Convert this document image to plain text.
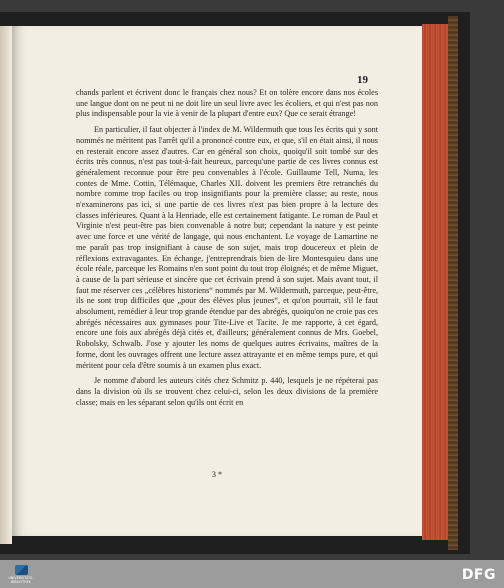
19

chands parlent et écrivent donc le français chez nous? Et on tolère encore dans nos écoles une langue dont on ne peut ni ne doit lire un seul livre avec les écoliers, et qui n'est pas non plus indispensable pour la vie à venir de la plupart d'entre eux? Que ce serait étrange!

En particulier, il faut objecter à l'index de M. Wildermuth que tous les écrits qui y sont nommés ne méritent pas l'arrêt qu'il a prononcé contre eux, et que, s'il en était ainsi, il nous en resterait encore assez d'autres. Car en général son choix, quoiqu'il soit tombé sur des écrits très connus, n'est pas tout-à-fait heureux, parcequ'une partie de ces livres connus est généralement reconnue pour être peu convenables à l'école. Guillaume Tell, Numa, les contes de Mme. Cottin, Télémaque, Charles XII. doivent les premiers être retranchés du nombre comme trop faciles ou trop insignifiants pour la première classe; au reste, nous n'examinerons pas ici, si une partie de ces livres n'est pas bien propre à la lecture des classes inférieures. Quant à la Henriade, elle est certainement fatigante. Le roman de Paul et Virginie n'est peut-être pas bien convenable à notre but; cependant la nature y est peinte avec une force et une vérité de langage, qui nous enchantent. Le voyage de Lamartine ne me paraît pas trop insignifiant à cause de son sujet, mais trop doucereux et plein de réflexions extravagantes. En échange, j'entreprendrais bien de lire Montesquieu dans une école réale, parceque les Romains n'en sont point du tout trop éloignés; et de même Miguet, à cause de la part sérieuse et sincère que cet écrivain prend à son sujet. Mais avant tout, il faut me réserver ces „célèbres historiens“ nommés par M. Wildermuth, parceque, peut-être, ils ne sont trop difficiles que „pour des élèves plus jeunes“, et qu'on pourrait, s'il le faut absolument, remédier à leur trop grande étendue par des abrégés, quoiqu'on ne croie pas ces abrégés nécessaires aux gymnases pour Tite-Live et Tacite. Je me rapporte, à cet égard, encore une fois aux abrégés déjà cités et, d'ailleurs; généralement connus de Mrs. Goebel, Robolsky, Schwalb. J'ose y ajouter les noms de quelques autres écrivains, maîtres de la forme, dont les ouvrages offrent une lecture assez attrayante et en même temps pure, et qui méritent pour cela d'être soumis à un examen plus exact.

Je nomme d'abord les auteurs cités chez Schmitz p. 440, lesquels je ne répéterai pas dans la division où ils se trouvent chez celui-ci, selon les deux divisions de la première classe; mais en les séparant selon qu'ils ont écrit en

3 *
UNIVERSITÄTS-
BIBLIOTHEK	DFG
